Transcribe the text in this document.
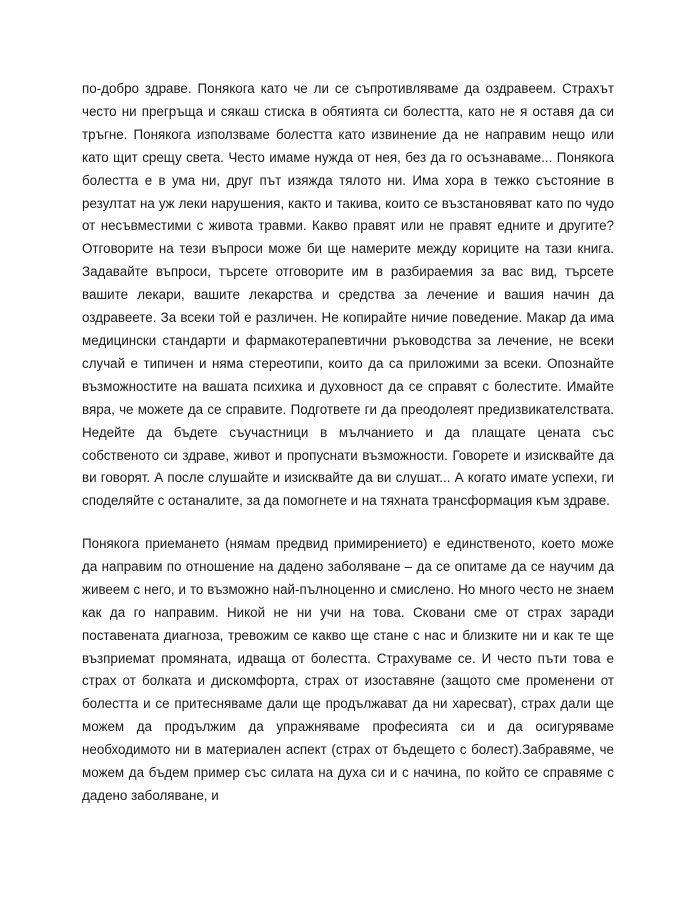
по-добро здраве. Понякога като че ли се съпротивляваме да оздравеем. Страхът често ни прегръща и сякаш стиска в обятията си болестта, като не я оставя да си тръгне. Понякога използваме болестта като извинение да не направим нещо или като щит срещу света. Често имаме нужда от нея, без да го осъзнаваме... Понякога болестта е в ума ни, друг път изяжда тялото ни. Има хора в тежко състояние в резултат на уж леки нарушения, както и такива, които се възстановяват като по чудо от несъвместими с живота травми. Какво правят или не правят едните и другите? Отговорите на тези въпроси може би ще намерите между кориците на тази книга. Задавайте въпроси, търсете отговорите им в разбираемия за вас вид, търсете вашите лекари, вашите лекарства и средства за лечение и вашия начин да оздравеете. За всеки той е различен. Не копирайте ничие поведение. Макар да има медицински стандарти и фармакотерапевтични ръководства за лечение, не всеки случай е типичен и няма стереотипи, които да са приложими за всеки. Опознайте възможностите на вашата психика и духовност да се справят с болестите. Имайте вяра, че можете да се справите. Подгответе ги да преодолеят предизвикателствата. Недейте да бъдете съучастници в мълчанието и да плащате цената със собственото си здраве, живот и пропуснати възможности. Говорете и изисквайте да ви говорят. А после слушайте и изисквайте да ви слушат... А когато имате успехи, ги споделяйте с останалите, за да помогнете и на тяхната трансформация към здраве.

Понякога приемането (нямам предвид примирението) е единственото, което може да направим по отношение на дадено заболяване – да се опитаме да се научим да живеем с него, и то възможно най-пълноценно и смислено. Но много често не знаем как да го направим. Никой не ни учи на това. Сковани сме от страх заради поставената диагноза, тревожим се какво ще стане с нас и близките ни и как те ще възприемат промяната, идваща от болестта. Страхуваме се. И често пъти това е страх от болката и дискомфорта, страх от изоставяне (защото сме променени от болестта и се притесняваме дали ще продължават да ни харесват), страх дали ще можем да продължим да упражняваме професията си и да осигуряваме необходимото ни в материален аспект (страх от бъдещето с болест).Забравяме, че можем да бъдем пример със силата на духа си и с начина, по който се справяме с дадено заболяване, и
